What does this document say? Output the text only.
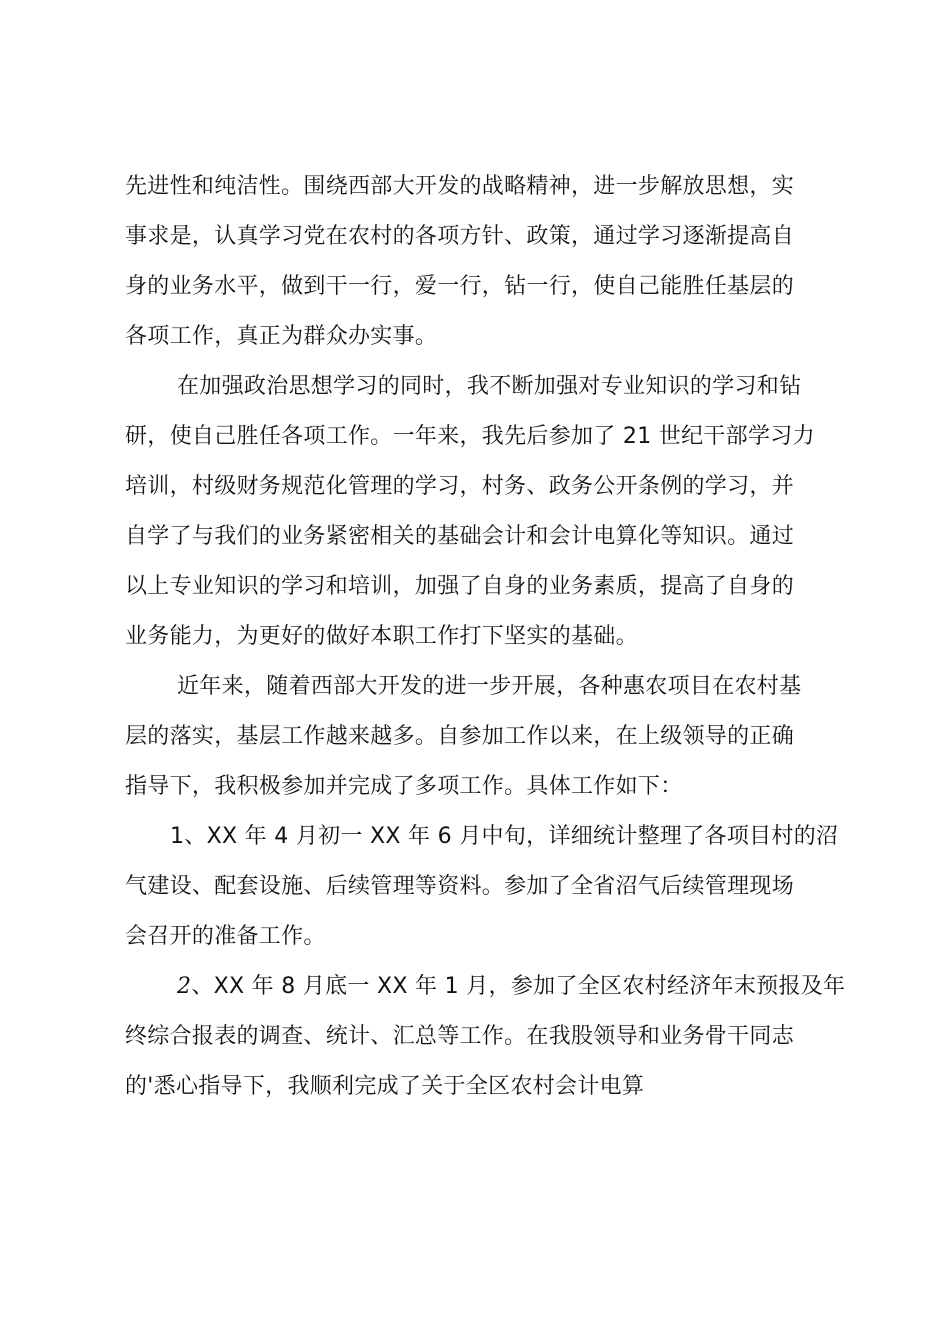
先进性和纯洁性。围绕西部大开发的战略精神，进一步解放思想，实
事求是，认真学习党在农村的各项方针、政策，通过学习逐渐提高自
身的业务水平，做到干一行，爱一行，钻一行，使自己能胜任基层的
各项工作，真正为群众办实事。
在加强政治思想学习的同时，我不断加强对专业知识的学习和钻
研，使自己胜任各项工作。一年来，我先后参加了 21 世纪干部学习力
培训，村级财务规范化管理的学习，村务、政务公开条例的学习，并
自学了与我们的业务紧密相关的基础会计和会计电算化等知识。通过
以上专业知识的学习和培训，加强了自身的业务素质，提高了自身的
业务能力，为更好的做好本职工作打下坚实的基础。
近年来，随着西部大开发的进一步开展，各种惠农项目在农村基
层的落实，基层工作越来越多。自参加工作以来，在上级领导的正确
指导下，我积极参加并完成了多项工作。具体工作如下：
1、XX 年 4 月初一 XX 年 6 月中旬，详细统计整理了各项目村的沼
气建设、配套设施、后续管理等资料。参加了全省沼气后续管理现场
会召开的准备工作。
2、XX 年 8 月底一 XX 年 1 月，参加了全区农村经济年末预报及年
终综合报表的调查、统计、汇总等工作。在我股领导和业务骨干同志
的'悉心指导下，我顺利完成了关于全区农村会计电算
